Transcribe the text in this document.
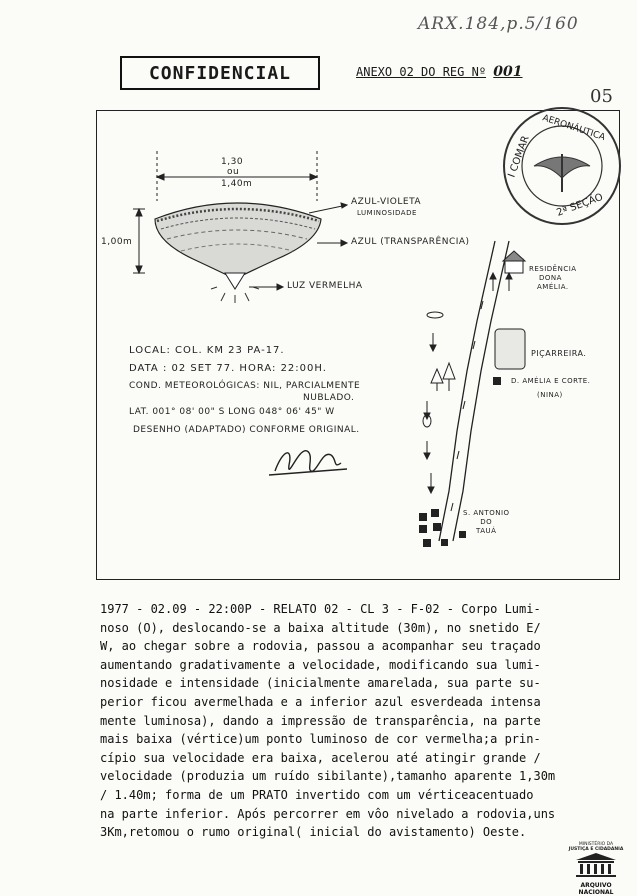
ARX.184,p.5/160
CONFIDENCIAL	ANEXO 02 DO REG Nº 001
05
1,30
ou
1,40m
1,00m
AZUL-VIOLETA
LUMINOSIDADE
AZUL (TRANSPARÊNCIA)
LUZ VERMELHA
LOCAL: COL. KM 23 PA-17.
DATA : 02 SET 77. HORA: 22:00H.
COND. METEOROLÓGICAS: NIL, PARCIALMENTE
NUBLADO.
LAT. 001° 08' 00" S LONG 048° 06' 45" W
DESENHO (ADAPTADO) CONFORME ORIGINAL.
RESIDÊNCIA
DONA
AMÉLIA.
PIÇARREIRA.
D. AMÉLIA E CORTE.
(NINA)
S. ANTONIO
DO
TAUÁ
I COMAR
AERONÁUTICA
2ª SEÇÃO
1977 - 02.09 - 22:00P - RELATO 02 - CL 3 - F-02 - Corpo Lumi-
noso (O), deslocando-se a baixa altitude (30m), no snetido E/
W, ao chegar sobre a rodovia, passou a acompanhar seu traçado
aumentando gradativamente a velocidade, modificando sua lumi-
nosidade e intensidade (inicialmente amarelada, sua parte su-
perior ficou avermelhada e a inferior azul esverdeada intensa
mente luminosa), dando a impressão de transparência, na parte
mais baixa (vértice)um ponto luminoso de cor vermelha;a prin-
cípio sua velocidade era baixa, acelerou até atingir grande /
velocidade (produzia um ruído sibilante),tamanho aparente 1,30m
/ 1.40m; forma de um PRATO invertido com um vérticeacentuado
na parte inferior. Após percorrer em vôo nivelado a rodovia,uns
3Km,retomou o rumo original( inicial do avistamento) Oeste.
MINISTÉRIO DA
JUSTIÇA E CIDADANIA
ARQUIVO NACIONAL
